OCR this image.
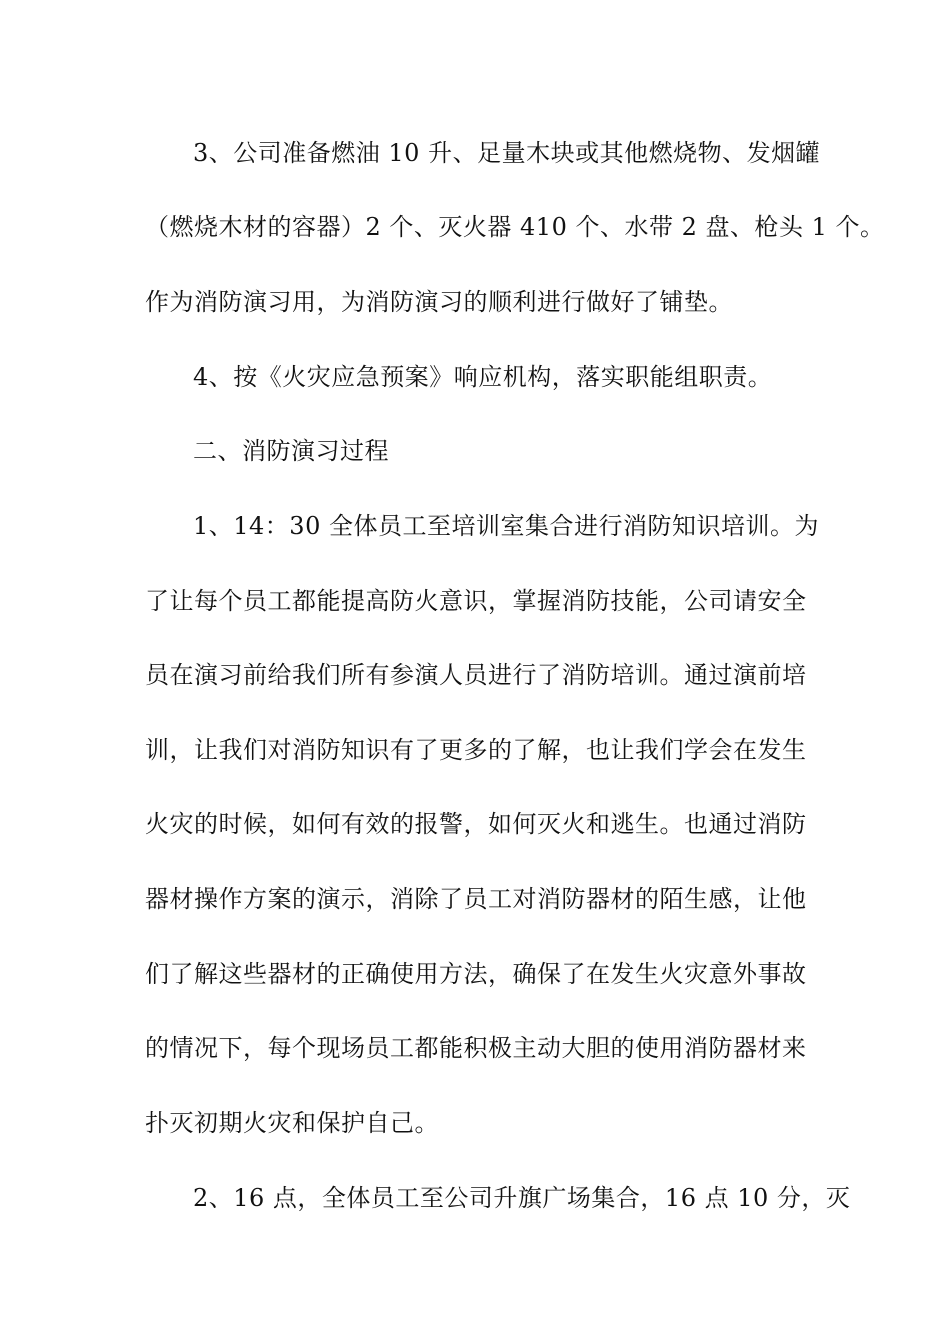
3、公司准备燃油 10 升、足量木块或其他燃烧物、发烟罐
（燃烧木材的容器）2 个、灭火器 410 个、水带 2 盘、枪头 1 个。
作为消防演习用，为消防演习的顺利进行做好了铺垫。
4、按《火灾应急预案》响应机构，落实职能组职责。
二、消防演习过程
1、14：30 全体员工至培训室集合进行消防知识培训。为
了让每个员工都能提高防火意识，掌握消防技能，公司请安全
员在演习前给我们所有参演人员进行了消防培训。通过演前培
训，让我们对消防知识有了更多的了解，也让我们学会在发生
火灾的时候，如何有效的报警，如何灭火和逃生。也通过消防
器材操作方案的演示，消除了员工对消防器材的陌生感，让他
们了解这些器材的正确使用方法，确保了在发生火灾意外事故
的情况下，每个现场员工都能积极主动大胆的使用消防器材来
扑灭初期火灾和保护自己。
2、16 点，全体员工至公司升旗广场集合，16 点 10 分，灭
